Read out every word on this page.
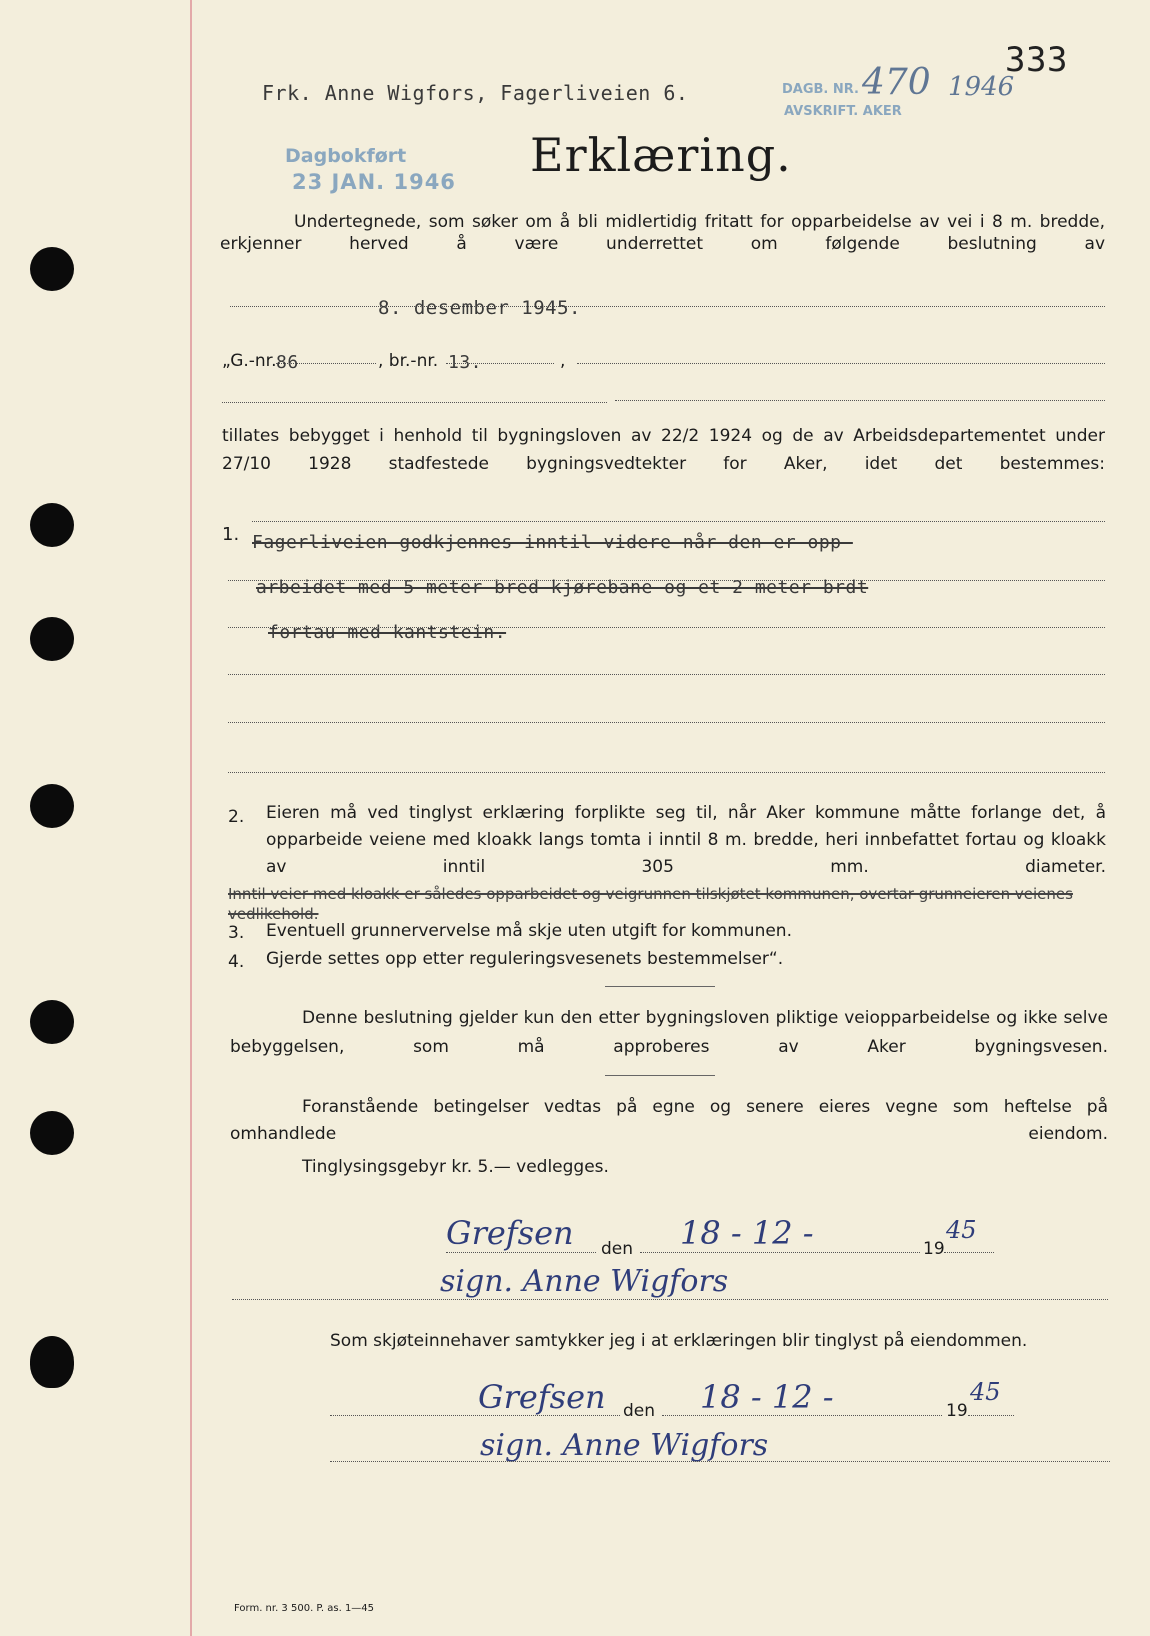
Frk. Anne Wigfors, Fagerliveien 6.	DAGB. NR. 470 1946
AVSKRIFT. AKER
333
Dagbokført
23 JAN. 1946 Erklæring.
Undertegnede, som søker om å bli midlertidig fritatt for opparbeidelse av vei i 8 m. bredde, erkjenner herved å være underrettet om følgende beslutning av
8. desember 1945.
„G.-nr. 86	, br.-nr. 13.	,
tillates bebygget i henhold til bygningsloven av 22/2 1924 og de av Arbeidsdepartementet under 27/10 1928 stadfestede bygningsvedtekter for Aker, idet det bestemmes:
1. Fagerliveien godkjennes inntil videre når den er opp-
arbeidet med 5 meter bred kjørebane og et 2 meter brdt
fortau med kantstein.
2. Eieren må ved tinglyst erklæring forplikte seg til, når Aker kommune måtte forlange det, å opparbeide veiene med kloakk langs tomta i inntil 8 m. bredde, heri innbefattet fortau og kloakk av inntil 305 mm. diameter.
Inntil veier med kloakk er således opparbeidet og veigrunnen tilskjøtet kommunen, overtar grunneieren veienes vedlikehold.
3. Eventuell grunnervervelse må skje uten utgift for kommunen.
4. Gjerde settes opp etter reguleringsvesenets bestemmelser“.
Denne beslutning gjelder kun den etter bygningsloven pliktige veiopparbeidelse og ikke selve bebyggelsen, som må approberes av Aker bygningsvesen.
Foranstående betingelser vedtas på egne og senere eieres vegne som heftelse på omhandlede eiendom.
Tinglysingsgebyr kr. 5.— vedlegges.
Grefsen den 18 - 12 -	19
45
sign. Anne Wigfors
Som skjøteinnehaver samtykker jeg i at erklæringen blir tinglyst på eiendommen.
Grefsen den 18 - 12 -	19
45
sign. Anne Wigfors
Form. nr. 3 500. P. as. 1—45
